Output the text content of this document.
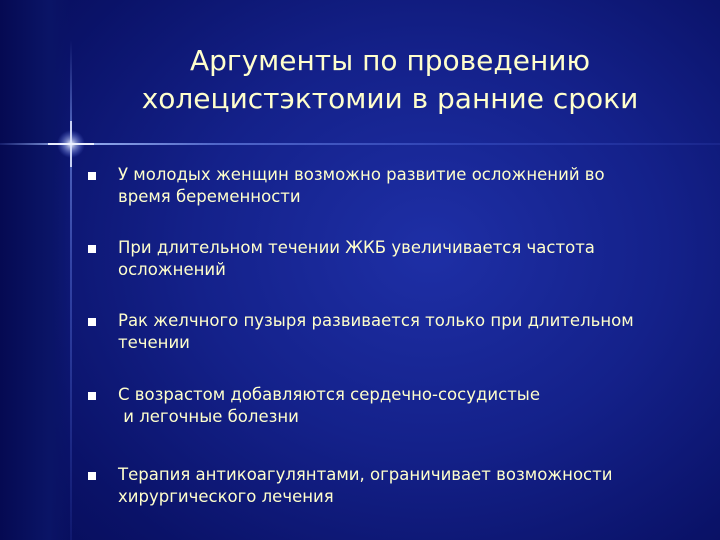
Аргументы по проведению
холецистэктомии в ранние сроки
У молодых женщин возможно развитие осложнений во
время беременности
При длительном течении ЖКБ увеличивается частота
осложнений
Рак желчного пузыря развивается только при длительном
течении
С возрастом добавляются сердечно-сосудистые
и легочные болезни
Терапия антикоагулянтами, ограничивает возможности
хирургического лечения
